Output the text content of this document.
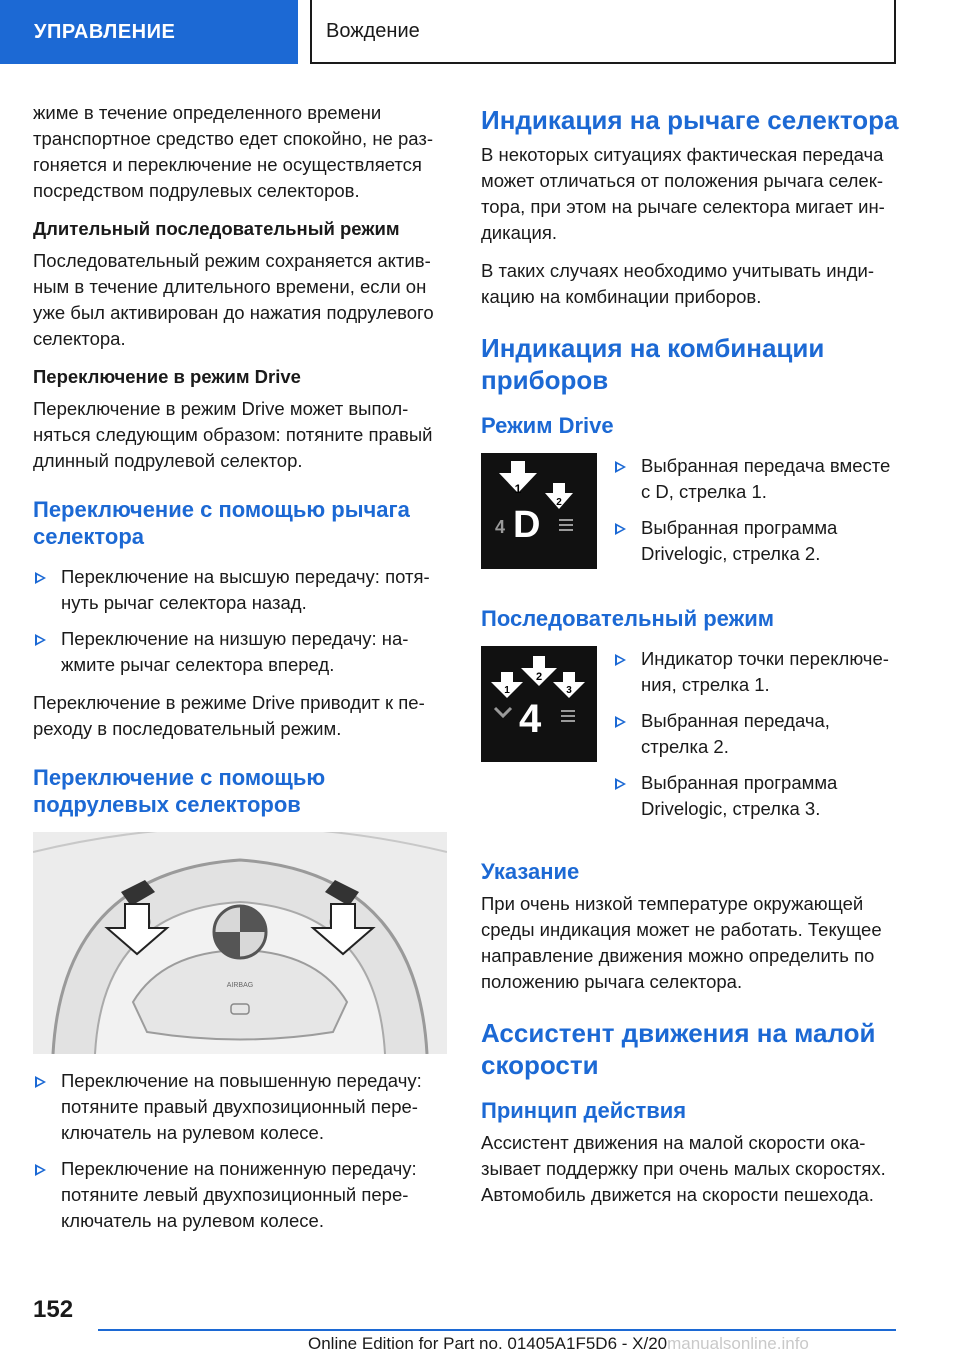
УПРАВЛЕНИЕ	Вождение

жиме в течение определенного времени транспортное средство едет спокойно, не раз-гоняется и переключение не осуществляется посредством подрулевых селекторов.

Длительный последовательный режим

Последовательный режим сохраняется актив-ным в течение длительного времени, если он уже был активирован до нажатия подрулевого селектора.

Переключение в режим Drive

Переключение в режим Drive может выпол-няться следующим образом: потяните правый длинный подрулевой селектор.

Переключение с помощью рычага селектора
Переключение на высшую передачу: потя-нуть рычаг селектора назад.
Переключение на низшую передачу: на-жмите рычаг селектора вперед.

Переключение в режиме Drive приводит к пе-реходу в последовательный режим.

Переключение с помощью подрулевых селекторов
AIRBAG
Переключение на повышенную передачу: потяните правый двухпозиционный пере-ключатель на рулевом колесе.
Переключение на пониженную передачу: потяните левый двухпозиционный пере-ключатель на рулевом колесе.
Индикация на рычаге селектора

В некоторых ситуациях фактическая передача может отличаться от положения рычага селек-тора, при этом на рычаге селектора мигает ин-дикация.

В таких случаях необходимо учитывать инди-кацию на комбинации приборов.

Индикация на комбинации приборов
Режим Drive
1
2
4 D
Выбранная передача вместе с D, стрелка 1.
Выбранная программа Drivelogic, стрелка 2.
Последовательный режим
1
2
3
4
Индикатор точки переключе-ния, стрелка 1.
Выбранная передача, стрелка 2.
Выбранная программа Drivelogic, стрелка 3.
Указание

При очень низкой температуре окружающей среды индикация может не работать. Текущее направление движения можно определить по положению рычага селектора.

Ассистент движения на малой скорости
Принцип действия

Ассистент движения на малой скорости ока-зывает поддержку при очень малых скоростях. Автомобиль движется на скорости пешехода.

152
Online Edition for Part no. 01405A1F5D6 - X/20manualsonline.info
